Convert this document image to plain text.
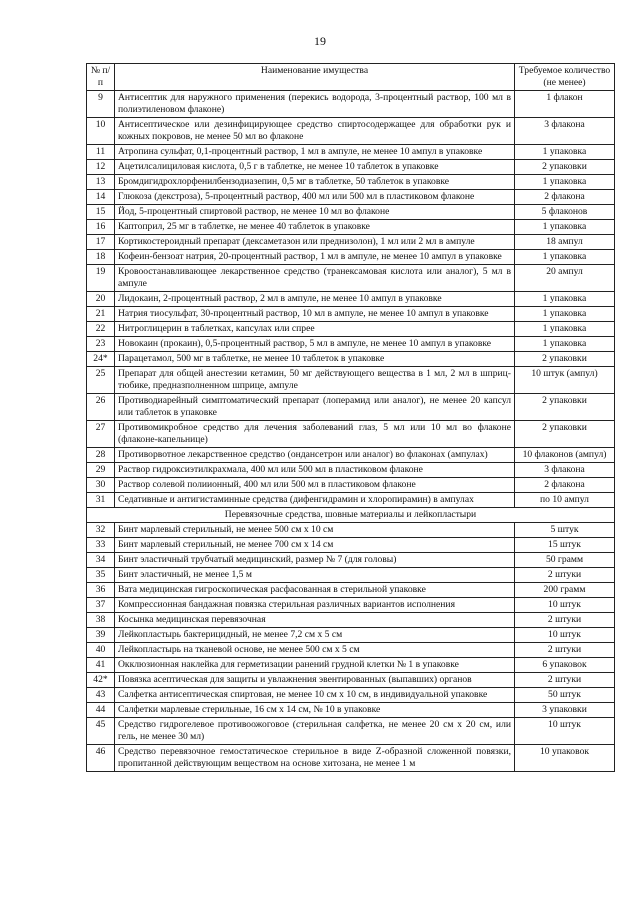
19
№ п/п	Наименование имущества	Требуемое количество (не менее)
9	Антисептик для наружного применения (перекись водорода, 3-процентный раствор, 100 мл в полиэтиленовом флаконе)	1 флакон
10	Антисептическое или дезинфицирующее средство спиртосодержащее для обработки рук и кожных покровов, не менее 50 мл во флаконе	3 флакона
11	Атропина сульфат, 0,1-процентный раствор, 1 мл в ампуле, не менее 10 ампул в упаковке	1 упаковка
12	Ацетилсалициловая кислота, 0,5 г в таблетке, не менее 10 таблеток в упаковке	2 упаковки
13	Бромдигидрохлорфенилбензодиазепин, 0,5 мг в таблетке, 50 таблеток в упаковке	1 упаковка
14	Глюкоза (декстроза), 5-процентный раствор, 400 мл или 500 мл в пластиковом флаконе	2 флакона
15	Йод, 5-процентный спиртовой раствор, не менее 10 мл во флаконе	5 флаконов
16	Каптоприл, 25 мг в таблетке, не менее 40 таблеток в упаковке	1 упаковка
17	Кортикостероидный препарат (дексаметазон или преднизолон), 1 мл или 2 мл в ампуле	18 ампул
18	Кофеин-бензоат натрия, 20-процентный раствор, 1 мл в ампуле, не менее 10 ампул в упаковке	1 упаковка
19	Кровоостанавливающее лекарственное средство (транексамовая кислота или аналог), 5 мл в ампуле	20 ампул
20	Лидокаин, 2-процентный раствор, 2 мл в ампуле, не менее 10 ампул в упаковке	1 упаковка
21	Натрия тиосульфат, 30-процентный раствор, 10 мл в ампуле, не менее 10 ампул в упаковке	1 упаковка
22	Нитроглицерин в таблетках, капсулах или спрее	1 упаковка
23	Новокаин (прокаин), 0,5-процентный раствор, 5 мл в ампуле, не менее 10 ампул в упаковке	1 упаковка
24*	Парацетамол, 500 мг в таблетке, не менее 10 таблеток в упаковке	2 упаковки
25	Препарат для общей анестезии кетамин, 50 мг действующего вещества в 1 мл, 2 мл в шприц-тюбике, предназполненном шприце, ампуле	10 штук (ампул)
26	Противодиарейный симптоматический препарат (лоперамид или аналог), не менее 20 капсул или таблеток в упаковке	2 упаковки
27	Противомикробное средство для лечения заболеваний глаз, 5 мл или 10 мл во флаконе (флаконе-капельнице)	2 упаковки
28	Противорвотное лекарственное средство (ондансетрон или аналог) во флаконах (ампулах)	10 флаконов (ампул)
29	Раствор гидроксиэтилкрахмала, 400 мл или 500 мл в пластиковом флаконе	3 флакона
30	Раствор солевой полиионный, 400 мл или 500 мл в пластиковом флаконе	2 флакона
31	Седативные и антигистаминные средства (дифенгидрамин и хлоропирамин) в ампулах	по 10 ампул
Перевязочные средства, шовные материалы и лейкопластыри		
32	Бинт марлевый стерильный, не менее 500 см x 10 см	5 штук
33	Бинт марлевый стерильный, не менее 700 см x 14 см	15 штук
34	Бинт эластичный трубчатый медицинский, размер № 7 (для головы)	50 грамм
35	Бинт эластичный, не менее 1,5 м	2 штуки
36	Вата медицинская гигроскопическая расфасованная в стерильной упаковке	200 грамм
37	Компрессионная бандажная повязка стерильная различных вариантов исполнения	10 штук
38	Косынка медицинская перевязочная	2 штуки
39	Лейкопластырь бактерицидный, не менее 7,2 см x 5 см	10 штук
40	Лейкопластырь на тканевой основе, не менее 500 см x 5 см	2 штуки
41	Окклюзионная наклейка для герметизации ранений грудной клетки № 1 в упаковке	6 упаковок
42*	Повязка асептическая для защиты и увлажнения эвентированных (выпавших) органов	2 штуки
43	Салфетка антисептическая спиртовая, не менее 10 см x 10 см, в индивидуальной упаковке	50 штук
44	Салфетки марлевые стерильные, 16 см x 14 см, № 10 в упаковке	3 упаковки
45	Средство гидрогелевое противоожоговое (стерильная салфетка, не менее 20 см x 20 см, или гель, не менее 30 мл)	10 штук
46	Средство перевязочное гемостатическое стерильное в виде Z-образной сложенной повязки, пропитанной действующим веществом на основе хитозана, не менее 1 м	10 упаковок
